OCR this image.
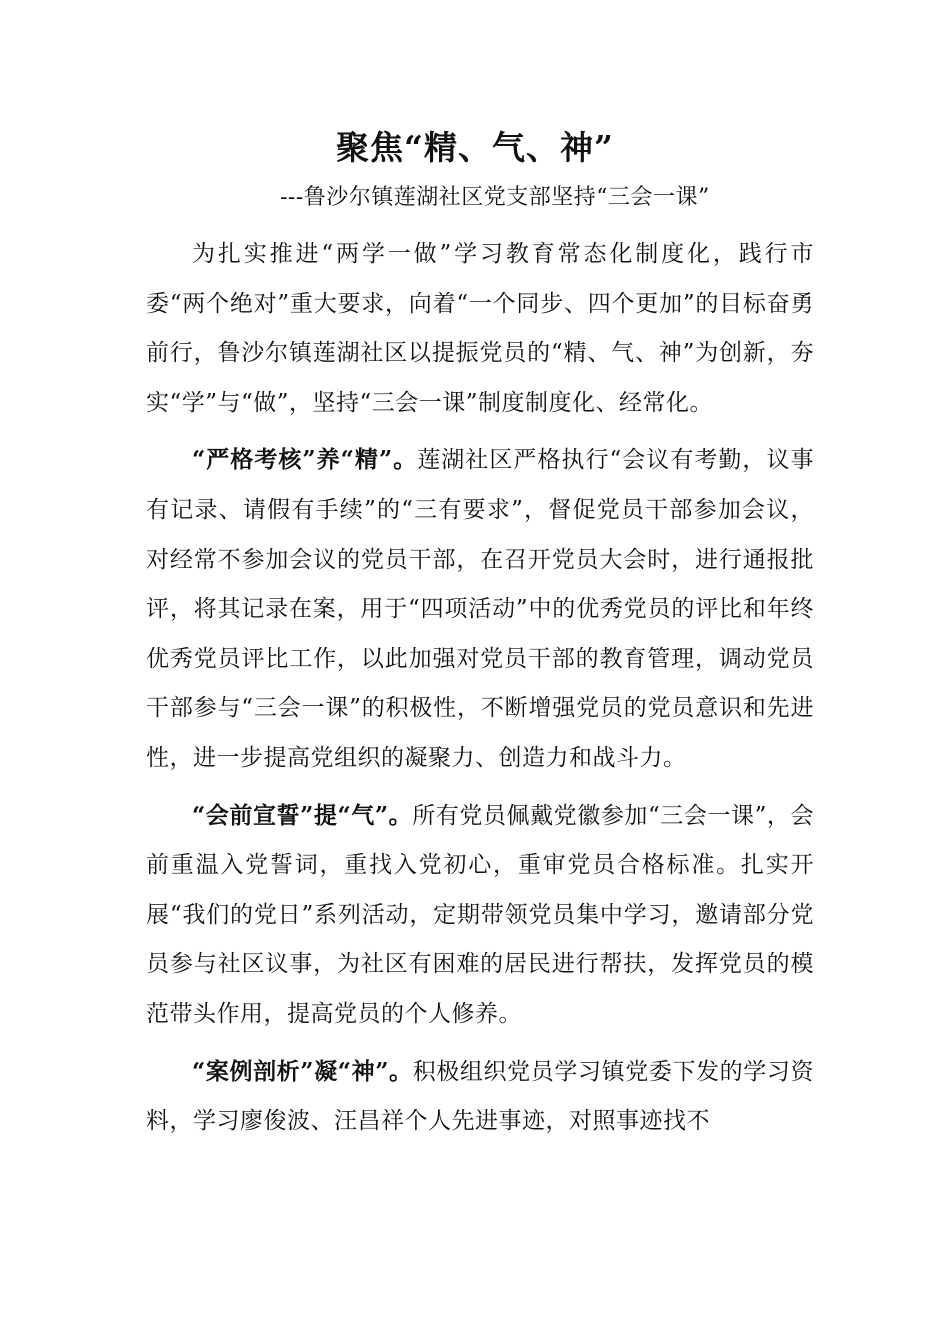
聚焦“精、气、神”
---鲁沙尔镇莲湖社区党支部坚持“三会一课”

为扎实推进“两学一做”学习教育常态化制度化，践行市委“两个绝对”重大要求，向着“一个同步、四个更加”的目标奋勇前行，鲁沙尔镇莲湖社区以提振党员的“精、气、神”为创新，夯实“学”与“做”，坚持“三会一课”制度制度化、经常化。

“严格考核”养“精”。莲湖社区严格执行“会议有考勤，议事有记录、请假有手续”的“三有要求”，督促党员干部参加会议，对经常不参加会议的党员干部，在召开党员大会时，进行通报批评，将其记录在案，用于“四项活动”中的优秀党员的评比和年终优秀党员评比工作，以此加强对党员干部的教育管理，调动党员干部参与“三会一课”的积极性，不断增强党员的党员意识和先进性，进一步提高党组织的凝聚力、创造力和战斗力。

“会前宣誓”提“气”。所有党员佩戴党徽参加“三会一课”，会前重温入党誓词，重找入党初心，重审党员合格标准。扎实开展“我们的党日”系列活动，定期带领党员集中学习，邀请部分党员参与社区议事，为社区有困难的居民进行帮扶，发挥党员的模范带头作用，提高党员的个人修养。

“案例剖析”凝“神”。积极组织党员学习镇党委下发的学习资料，学习廖俊波、汪昌祥个人先进事迹，对照事迹找不
